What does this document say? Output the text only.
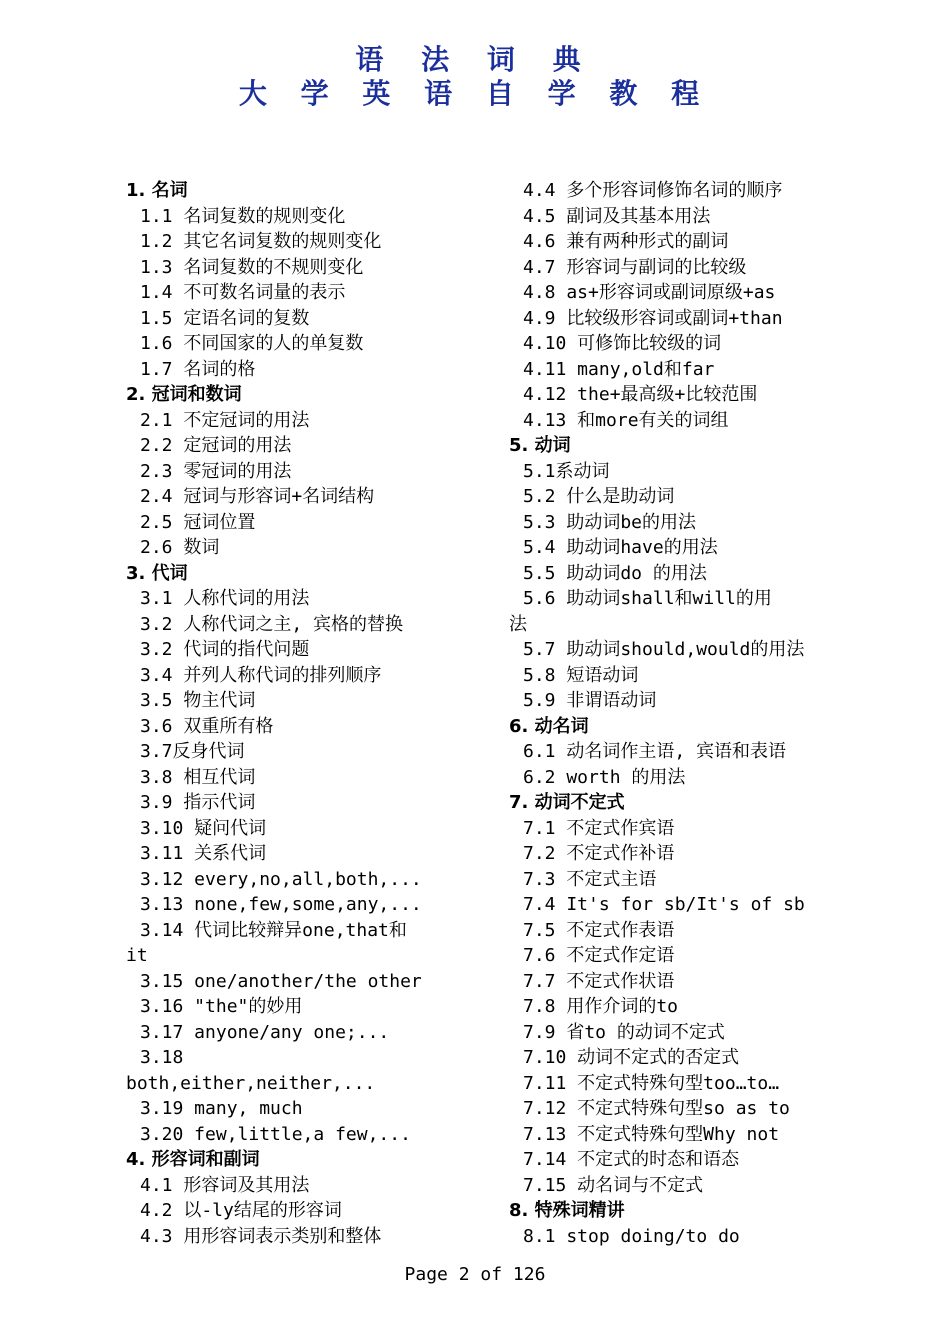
语 法 词 典
大 学 英 语 自 学 教 程
1. 名词
1.1 名词复数的规则变化
1.2 其它名词复数的规则变化
1.3 名词复数的不规则变化
1.4 不可数名词量的表示
1.5 定语名词的复数
1.6 不同国家的人的单复数
1.7 名词的格
2. 冠词和数词
2.1 不定冠词的用法
2.2 定冠词的用法
2.3 零冠词的用法
2.4 冠词与形容词+名词结构
2.5 冠词位置
2.6 数词
3. 代词
3.1 人称代词的用法
3.2 人称代词之主, 宾格的替换
3.2 代词的指代问题
3.4 并列人称代词的排列顺序
3.5 物主代词
3.6 双重所有格
3.7反身代词
3.8 相互代词
3.9 指示代词
3.10 疑问代词
3.11 关系代词
3.12 every,no,all,both,...
3.13 none,few,some,any,...
3.14 代词比较辩异one,that和
it
3.15 one/another/the other
3.16 "the"的妙用
3.17 anyone/any one;...
3.18
both,either,neither,...
3.19 many, much
3.20 few,little,a few,...
4. 形容词和副词
4.1 形容词及其用法
4.2 以-ly结尾的形容词
4.3 用形容词表示类别和整体
4.4 多个形容词修饰名词的顺序
4.5 副词及其基本用法
4.6 兼有两种形式的副词
4.7 形容词与副词的比较级
4.8 as+形容词或副词原级+as
4.9 比较级形容词或副词+than
4.10 可修饰比较级的词
4.11 many,old和far
4.12 the+最高级+比较范围
4.13 和more有关的词组
5. 动词
5.1系动词
5.2 什么是助动词
5.3 助动词be的用法
5.4 助动词have的用法
5.5 助动词do 的用法
5.6 助动词shall和will的用
法
5.7 助动词should,would的用法
5.8 短语动词
5.9 非谓语动词
6. 动名词
6.1 动名词作主语, 宾语和表语
6.2 worth 的用法
7. 动词不定式
7.1 不定式作宾语
7.2 不定式作补语
7.3 不定式主语
7.4 It's for sb/It's of sb
7.5 不定式作表语
7.6 不定式作定语
7.7 不定式作状语
7.8 用作介词的to
7.9 省to 的动词不定式
7.10 动词不定式的否定式
7.11 不定式特殊句型too…to…
7.12 不定式特殊句型so as to
7.13 不定式特殊句型Why not
7.14 不定式的时态和语态
7.15 动名词与不定式
8. 特殊词精讲
8.1 stop doing/to do
Page 2 of 126
